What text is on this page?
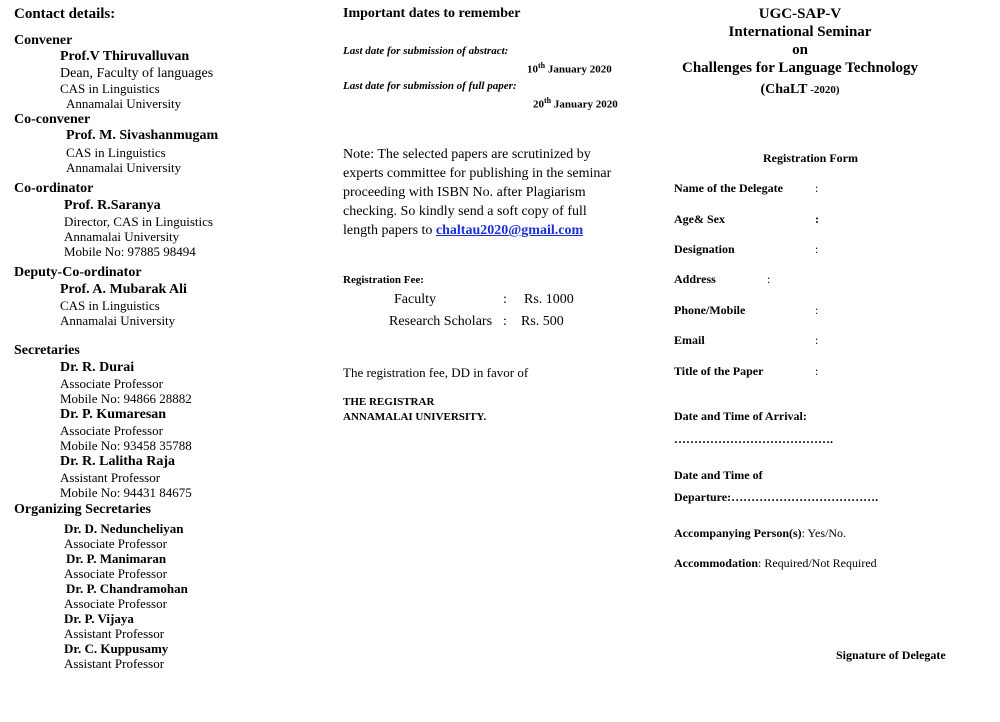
Contact details:
Convener
Prof.V Thiruvalluvan
Dean, Faculty of languages
CAS in Linguistics
Annamalai University
Co-convener
Prof. M. Sivashanmugam
CAS in Linguistics
Annamalai University
Co-ordinator
Prof. R.Saranya
Director, CAS in Linguistics
Annamalai University
Mobile No: 97885 98494
Deputy-Co-ordinator
Prof. A. Mubarak Ali
CAS in Linguistics
Annamalai University
Secretaries
Dr. R. Durai
Associate Professor
Mobile No: 94866 28882
Dr. P. Kumaresan
Associate Professor
Mobile No: 93458 35788
Dr. R. Lalitha Raja
Assistant Professor
Mobile No: 94431 84675
Organizing Secretaries
Dr. D. Neduncheliyan
Associate Professor
Dr. P. Manimaran
Associate Professor
Dr. P. Chandramohan
Associate Professor
Dr. P. Vijaya
Assistant Professor
Dr. C. Kuppusamy
Assistant Professor
Important dates to remember
Last date for submission of abstract:
10th January 2020
Last date for submission of full paper:
20th January 2020
Note: The selected papers are scrutinized by
experts committee for publishing in the seminar
proceeding with ISBN No. after Plagiarism
checking. So kindly send a soft copy of full
length papers to chaltau2020@gmail.com
Registration Fee:
Faculty	: Rs. 1000
Research Scholars : Rs. 500
The registration fee, DD in favor of
THE REGISTRAR
ANNAMALAI UNIVERSITY.
UGC-SAP-V
International Seminar
on
Challenges for Language Technology
(ChaLT -2020)
Registration Form
Name of the Delegate	:
Age& Sex	:
Designation	:
Address	:
Phone/Mobile	:
Email	:
Title of the Paper	:
Date and Time of Arrival:
………………………………….
Date and Time of
Departure:……………………………….
Accompanying Person(s): Yes/No.
Accommodation: Required/Not Required
Signature of Delegate
